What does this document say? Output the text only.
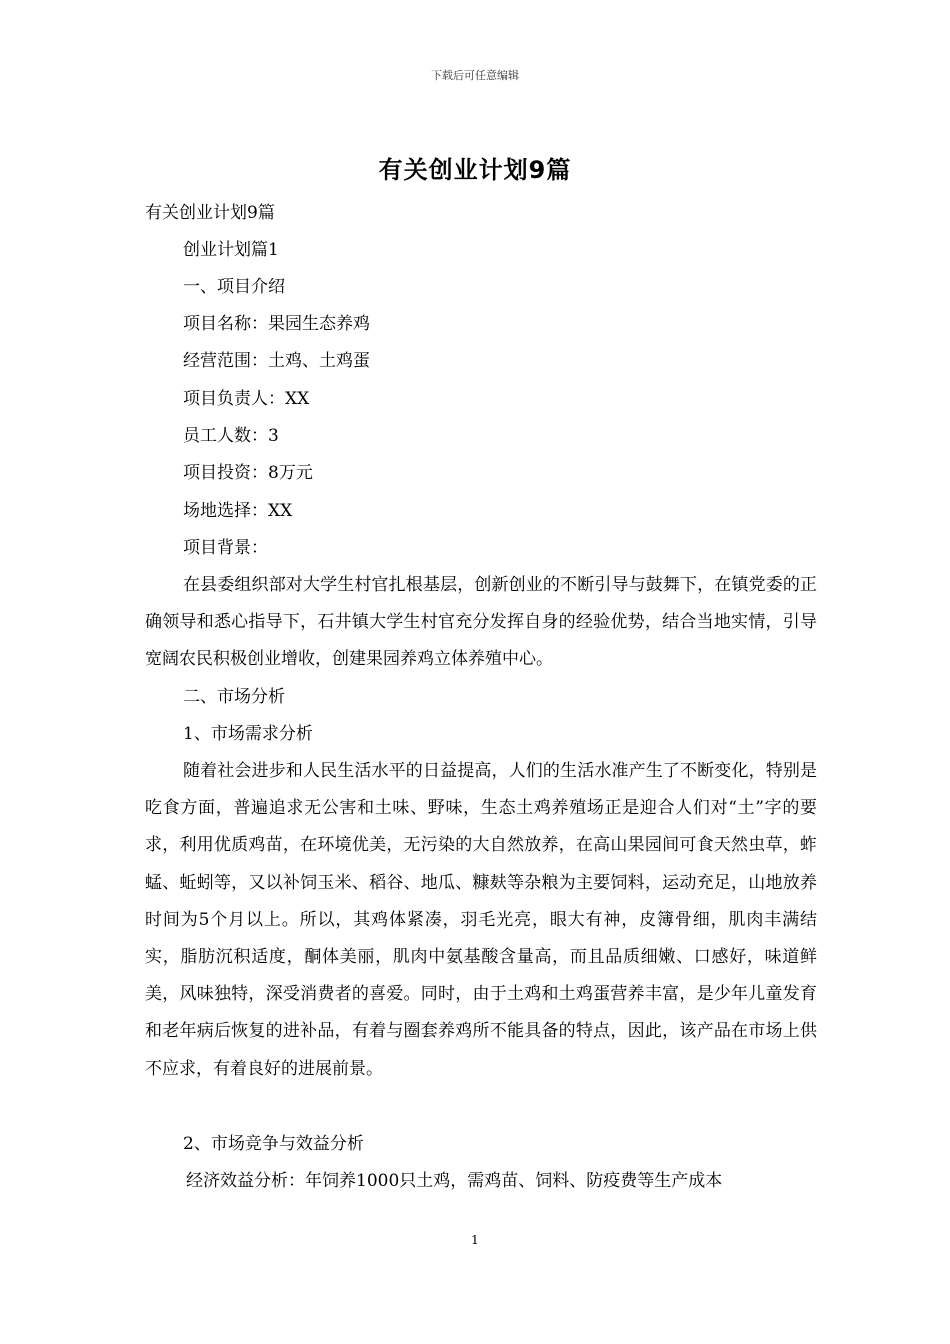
下载后可任意编辑
有关创业计划9篇
有关创业计划9篇
创业计划篇1
一、项目介绍
项目名称：果园生态养鸡
经营范围：土鸡、土鸡蛋
项目负责人：XX
员工人数：3
项目投资：8万元
场地选择：XX
项目背景：
在县委组织部对大学生村官扎根基层，创新创业的不断引导与鼓舞下，在镇党委的正确领导和悉心指导下，石井镇大学生村官充分发挥自身的经验优势，结合当地实情，引导宽阔农民积极创业增收，创建果园养鸡立体养殖中心。
二、市场分析
1、市场需求分析
随着社会进步和人民生活水平的日益提高，人们的生活水准产生了不断变化，特别是吃食方面，普遍追求无公害和土味、野味，生态土鸡养殖场正是迎合人们对“土”字的要求，利用优质鸡苗，在环境优美，无污染的大自然放养，在高山果园间可食天然虫草，蚱蜢、蚯蚓等，又以补饲玉米、稻谷、地瓜、糠麸等杂粮为主要饲料，运动充足，山地放养时间为5个月以上。所以，其鸡体紧凑，羽毛光亮，眼大有神，皮簿骨细，肌肉丰满结实，脂肪沉积适度，酮体美丽，肌肉中氨基酸含量高，而且品质细嫩、口感好，味道鲜美，风味独特，深受消费者的喜爱。同时，由于土鸡和土鸡蛋营养丰富，是少年儿童发育和老年病后恢复的进补品，有着与圈套养鸡所不能具备的特点，因此，该产品在市场上供不应求，有着良好的进展前景。
2、市场竞争与效益分析
经济效益分析：年饲养1000只土鸡，需鸡苗、饲料、防疫费等生产成本
1
